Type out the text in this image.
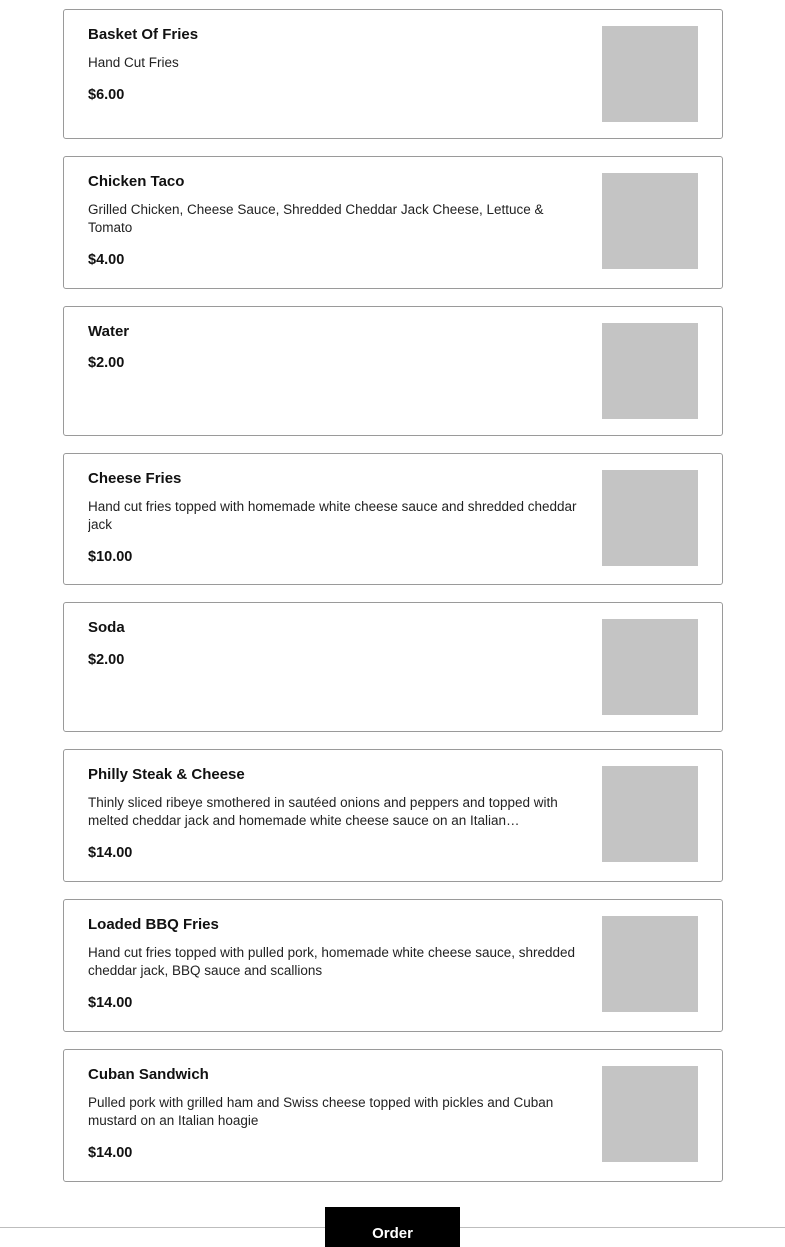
Basket Of Fries

Hand Cut Fries

$6.00

Chicken Taco

Grilled Chicken, Cheese Sauce, Shredded Cheddar Jack Cheese, Lettuce & Tomato

$4.00

Water

$2.00

Cheese Fries

Hand cut fries topped with homemade white cheese sauce and shredded cheddar jack

$10.00

Soda

$2.00

Philly Steak & Cheese

Thinly sliced ribeye smothered in sautéed onions and peppers and topped with melted cheddar jack and homemade white cheese sauce on an Italian…

$14.00

Loaded BBQ Fries

Hand cut fries topped with pulled pork, homemade white cheese sauce, shredded cheddar jack, BBQ sauce and scallions

$14.00

Cuban Sandwich

Pulled pork with grilled ham and Swiss cheese topped with pickles and Cuban mustard on an Italian hoagie

$14.00

Order
